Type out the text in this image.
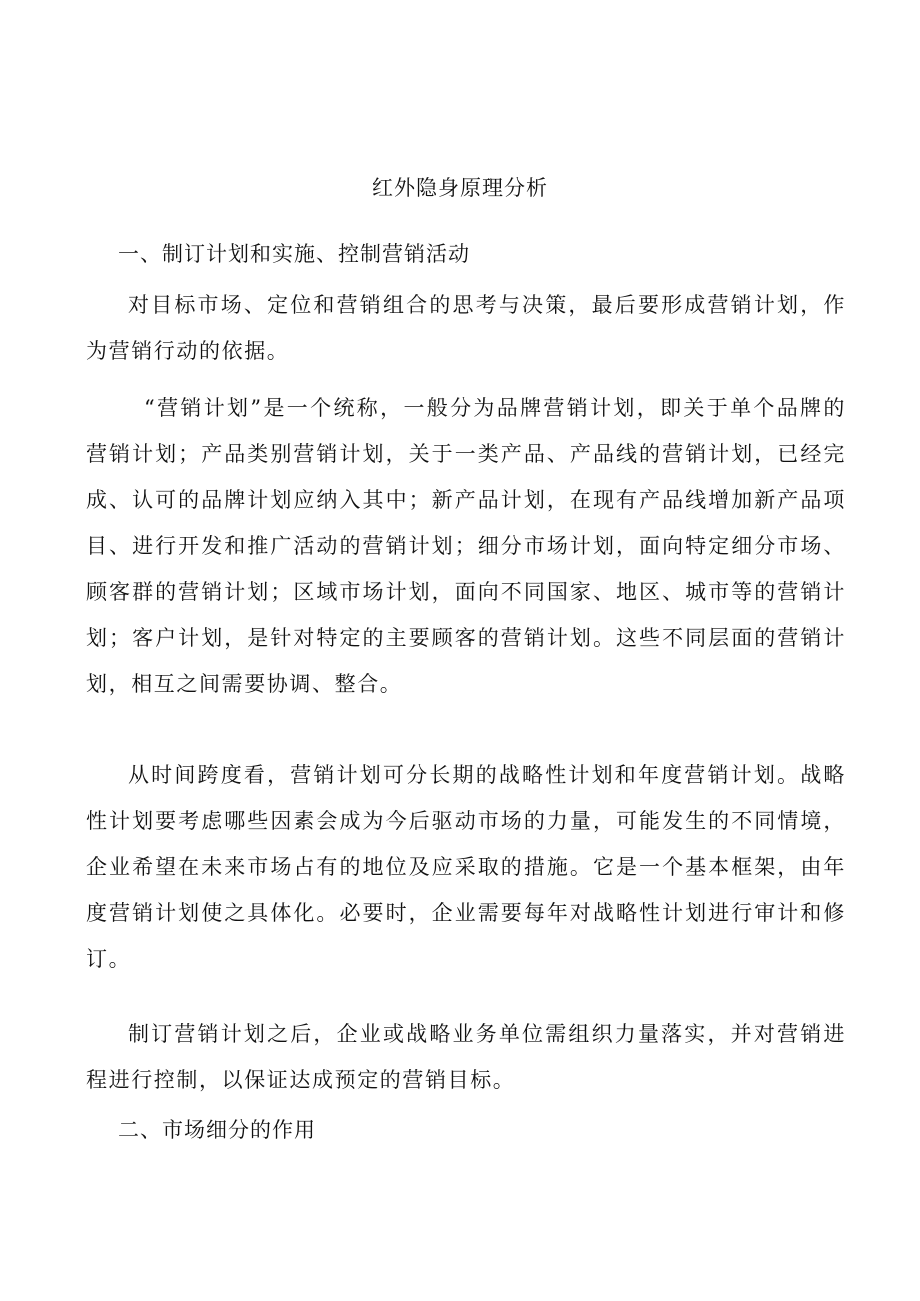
红外隐身原理分析
一、制订计划和实施、控制营销活动

对目标市场、定位和营销组合的思考与决策，最后要形成营销计划，作为营销行动的依据。

“营销计划”是一个统称，一般分为品牌营销计划，即关于单个品牌的营销计划；产品类别营销计划，关于一类产品、产品线的营销计划，已经完成、认可的品牌计划应纳入其中；新产品计划，在现有产品线增加新产品项目、进行开发和推广活动的营销计划；细分市场计划，面向特定细分市场、顾客群的营销计划；区域市场计划，面向不同国家、地区、城市等的营销计划；客户计划，是针对特定的主要顾客的营销计划。这些不同层面的营销计划，相互之间需要协调、整合。

从时间跨度看，营销计划可分长期的战略性计划和年度营销计划。战略性计划要考虑哪些因素会成为今后驱动市场的力量，可能发生的不同情境，企业希望在未来市场占有的地位及应采取的措施。它是一个基本框架，由年度营销计划使之具体化。必要时，企业需要每年对战略性计划进行审计和修订。

制订营销计划之后，企业或战略业务单位需组织力量落实，并对营销进程进行控制，以保证达成预定的营销目标。

二、市场细分的作用
